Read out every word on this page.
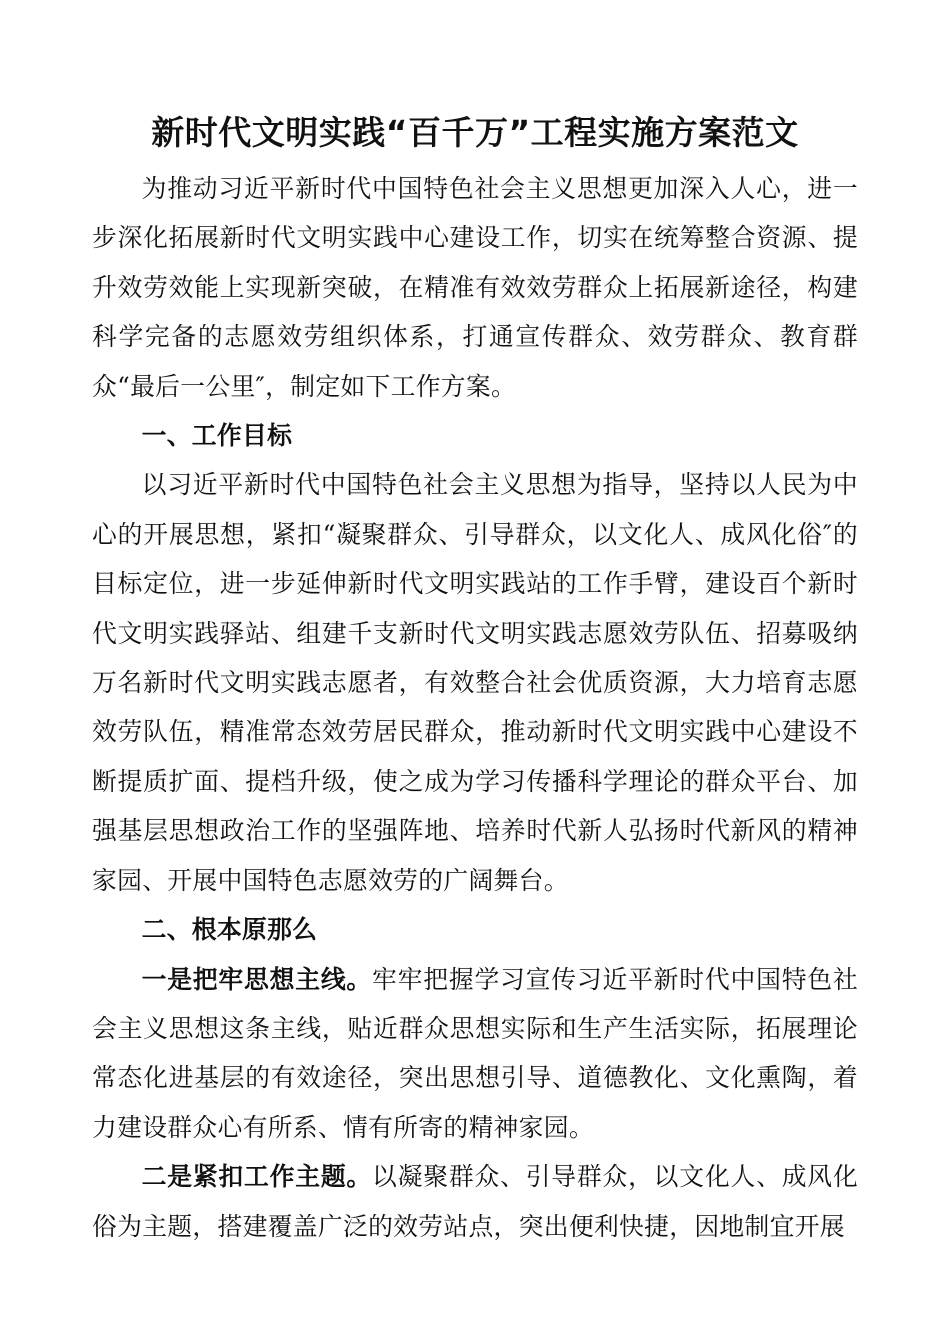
新时代文明实践“百千万”工程实施方案范文

为推动习近平新时代中国特色社会主义思想更加深入人心，进一步深化拓展新时代文明实践中心建设工作，切实在统筹整合资源、提升效劳效能上实现新突破，在精准有效效劳群众上拓展新途径，构建科学完备的志愿效劳组织体系，打通宣传群众、效劳群众、教育群众“最后一公里″，制定如下工作方案。

一、工作目标

以习近平新时代中国特色社会主义思想为指导，坚持以人民为中心的开展思想，紧扣“凝聚群众、引导群众，以文化人、成风化俗″的目标定位，进一步延伸新时代文明实践站的工作手臂，建设百个新时代文明实践驿站、组建千支新时代文明实践志愿效劳队伍、招募吸纳万名新时代文明实践志愿者，有效整合社会优质资源，大力培育志愿效劳队伍，精准常态效劳居民群众，推动新时代文明实践中心建设不断提质扩面、提档升级，使之成为学习传播科学理论的群众平台、加强基层思想政治工作的坚强阵地、培养时代新人弘扬时代新风的精神家园、开展中国特色志愿效劳的广阔舞台。

二、根本原那么

一是把牢思想主线。牢牢把握学习宣传习近平新时代中国特色社会主义思想这条主线，贴近群众思想实际和生产生活实际，拓展理论常态化进基层的有效途径，突出思想引导、道德教化、文化熏陶，着力建设群众心有所系、情有所寄的精神家园。

二是紧扣工作主题。以凝聚群众、引导群众，以文化人、成风化俗为主题，搭建覆盖广泛的效劳站点，突出便利快捷，因地制宜开展
